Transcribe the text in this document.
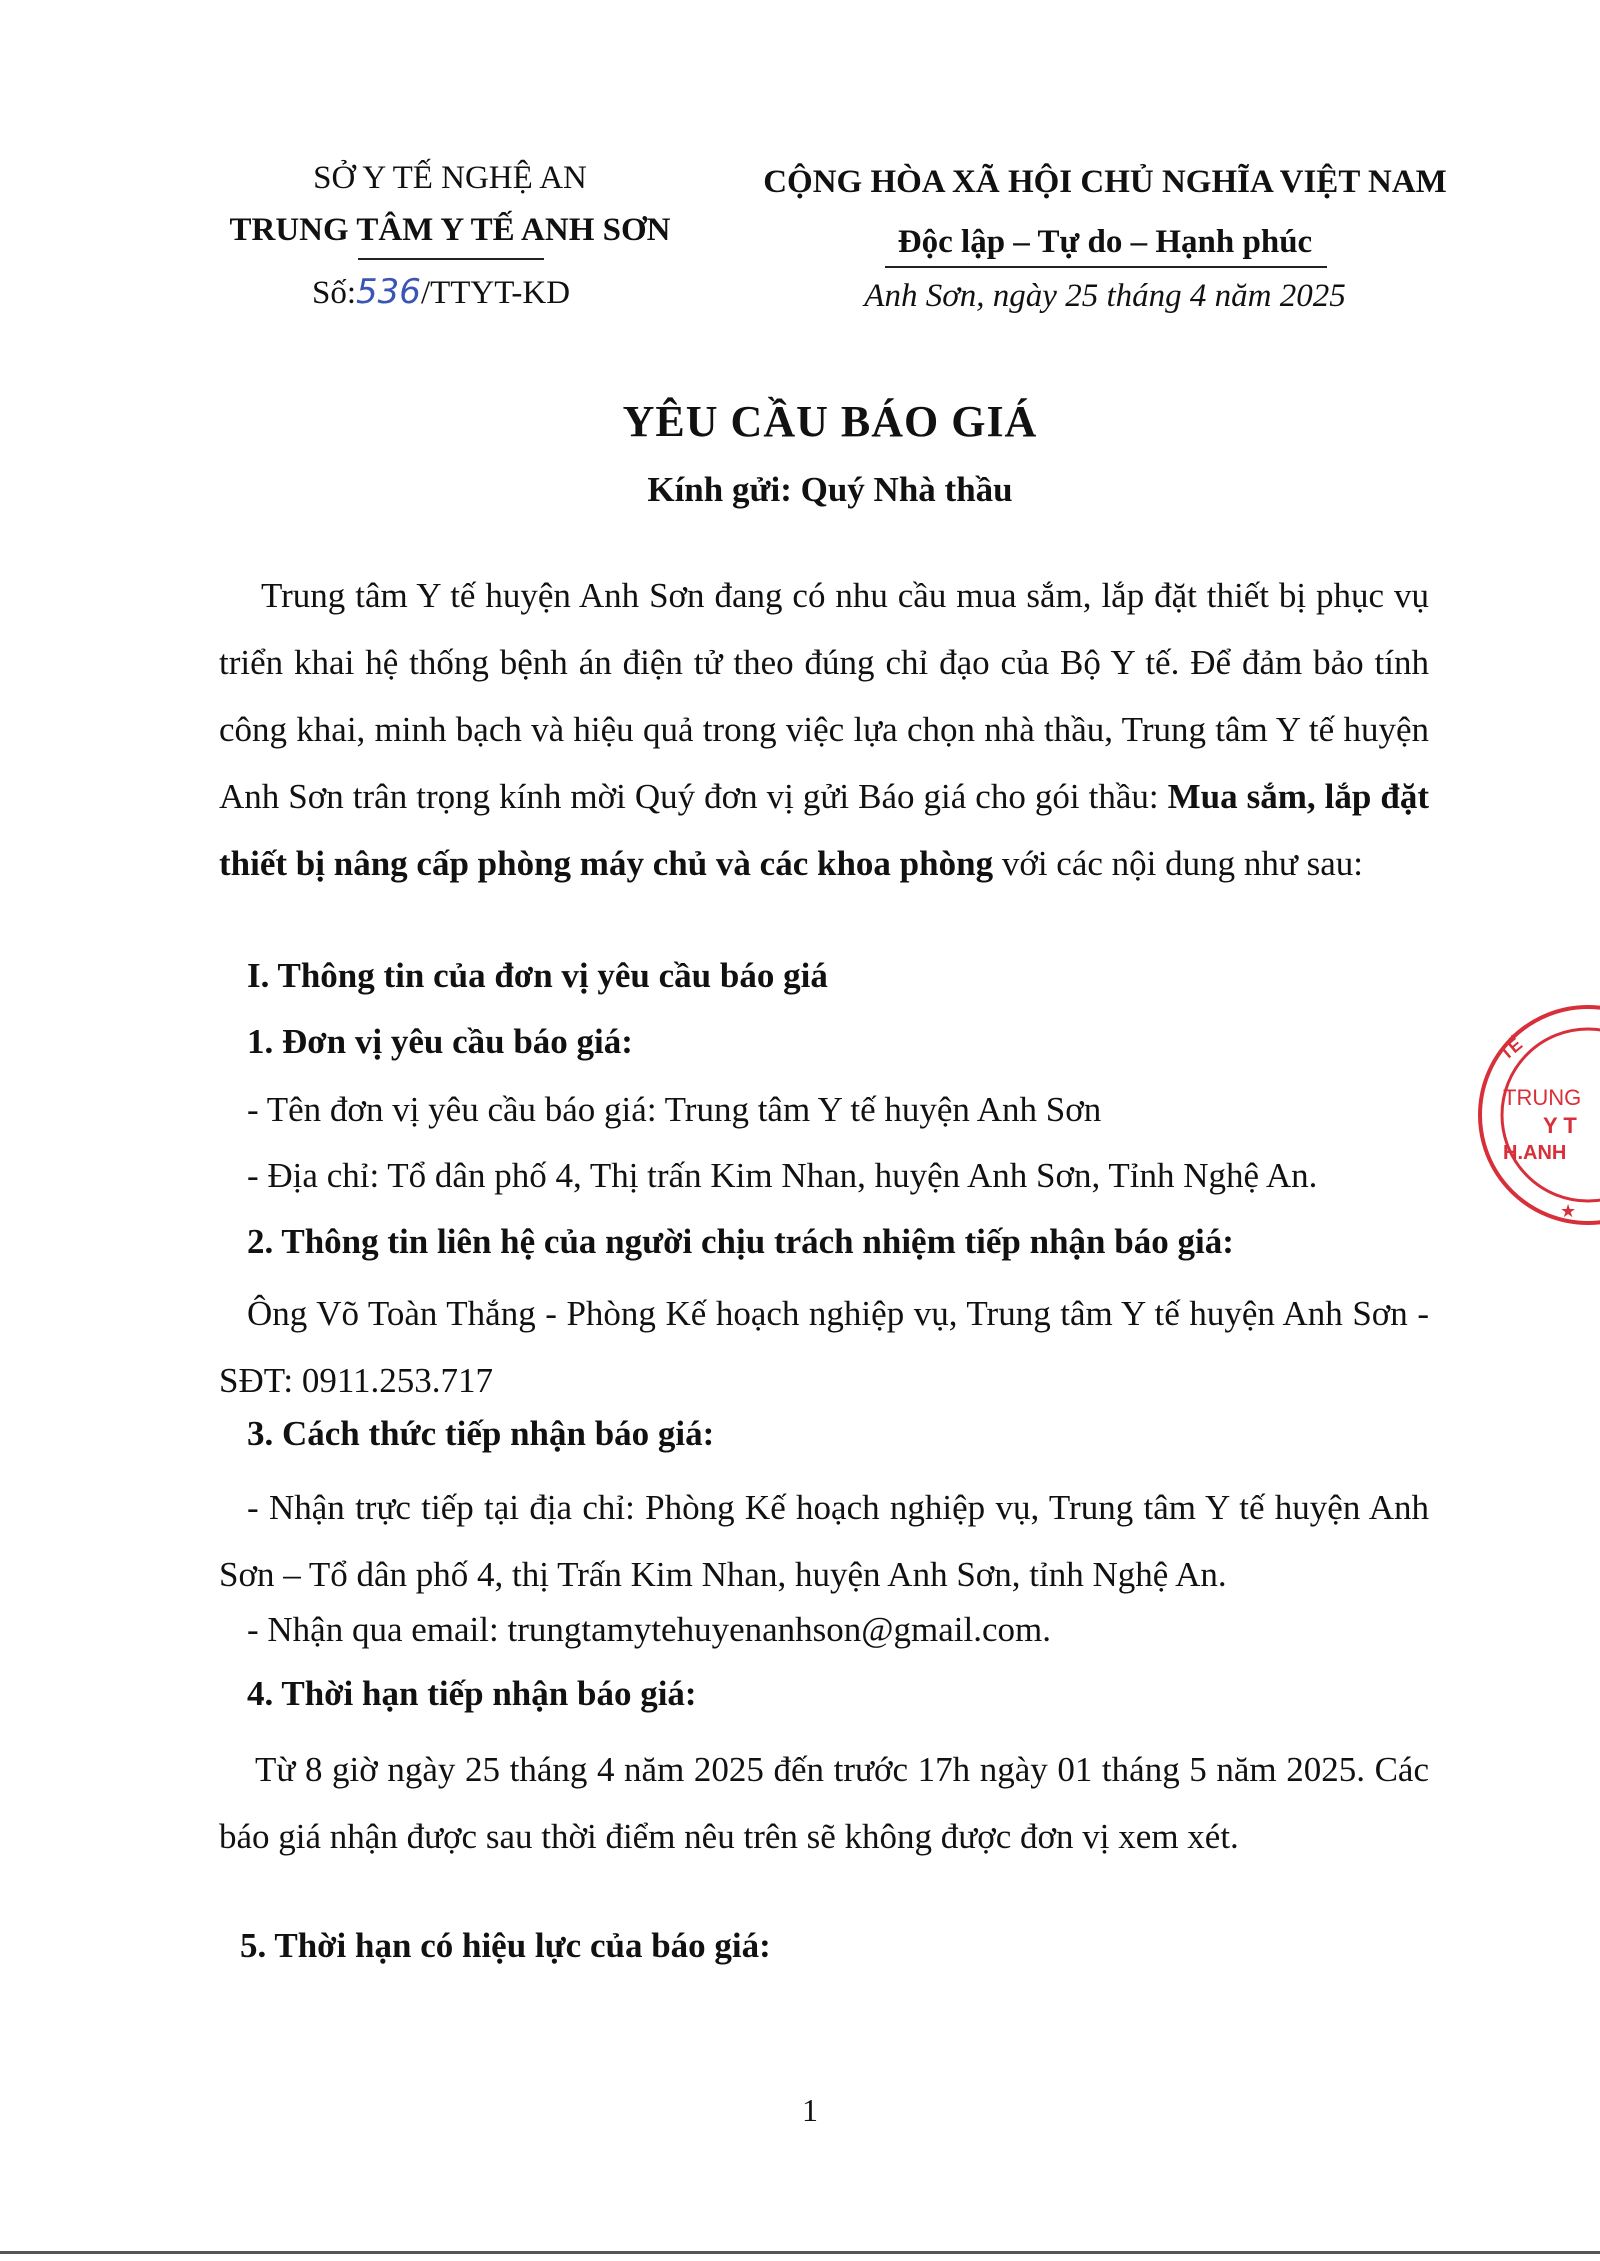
SỞ Y TẾ NGHỆ AN
TRUNG TÂM Y TẾ ANH SƠN
Số:536/TTYT-KD
CỘNG HÒA XÃ HỘI CHỦ NGHĨA VIỆT NAM
Độc lập – Tự do – Hạnh phúc
Anh Sơn, ngày 25 tháng 4 năm 2025
YÊU CẦU BÁO GIÁ
Kính gửi: Quý Nhà thầu
Trung tâm Y tế huyện Anh Sơn đang có nhu cầu mua sắm, lắp đặt thiết bị phục vụ triển khai hệ thống bệnh án điện tử theo đúng chỉ đạo của Bộ Y tế. Để đảm bảo tính công khai, minh bạch và hiệu quả trong việc lựa chọn nhà thầu, Trung tâm Y tế huyện Anh Sơn trân trọng kính mời Quý đơn vị gửi Báo giá cho gói thầu: Mua sắm, lắp đặt thiết bị nâng cấp phòng máy chủ và các khoa phòng với các nội dung như sau:
I. Thông tin của đơn vị yêu cầu báo giá
1. Đơn vị yêu cầu báo giá:
- Tên đơn vị yêu cầu báo giá: Trung tâm Y tế huyện Anh Sơn
- Địa chỉ: Tổ dân phố 4, Thị trấn Kim Nhan, huyện Anh Sơn, Tỉnh Nghệ An.
2. Thông tin liên hệ của người chịu trách nhiệm tiếp nhận báo giá:
Ông Võ Toàn Thắng - Phòng Kế hoạch nghiệp vụ, Trung tâm Y tế huyện Anh Sơn - SĐT: 0911.253.717
3. Cách thức tiếp nhận báo giá:
- Nhận trực tiếp tại địa chỉ: Phòng Kế hoạch nghiệp vụ, Trung tâm Y tế huyện Anh Sơn – Tổ dân phố 4, thị Trấn Kim Nhan, huyện Anh Sơn, tỉnh Nghệ An.
- Nhận qua email: trungtamytehuyenanhson@gmail.com.
4. Thời hạn tiếp nhận báo giá:
Từ 8 giờ ngày 25 tháng 4 năm 2025 đến trước 17h ngày 01 tháng 5 năm 2025. Các báo giá nhận được sau thời điểm nêu trên sẽ không được đơn vị xem xét.
5. Thời hạn có hiệu lực của báo giá:
1
TẾ
TRUNG
Y T
H.ANH
★
